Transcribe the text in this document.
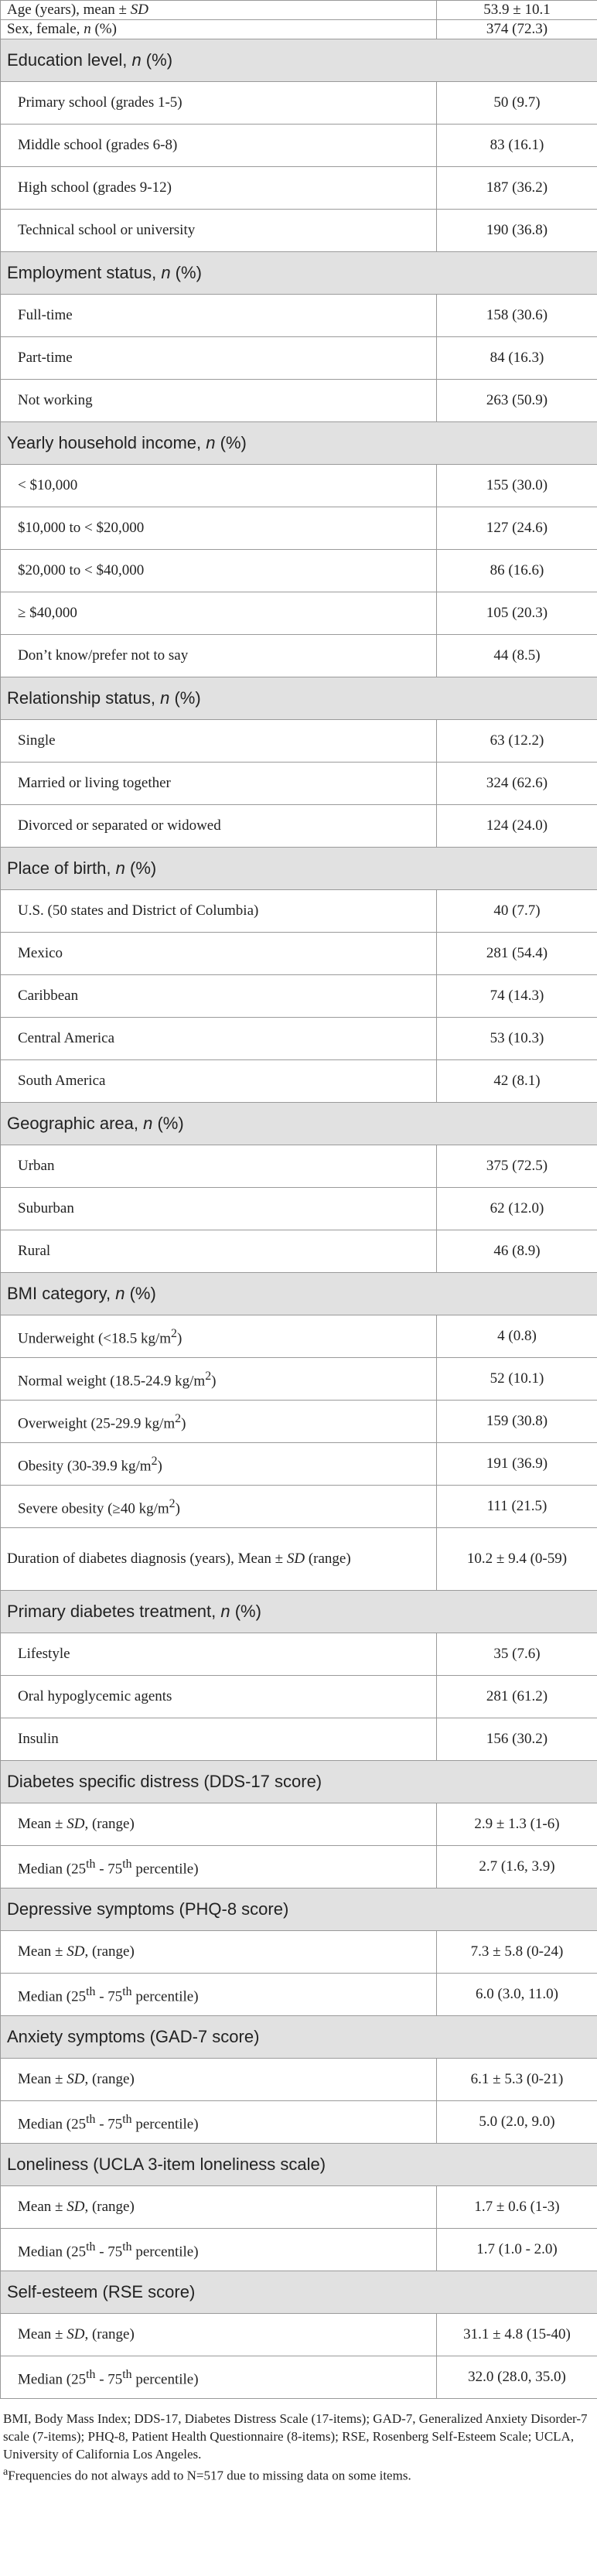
Age (years), mean ± SD	53.9 ± 10.1
Sex, female, n (%)	374 (72.3)
Education level, n (%)	
Primary school (grades 1-5)	50 (9.7)
Middle school (grades 6-8)	83 (16.1)
High school (grades 9-12)	187 (36.2)
Technical school or university	190 (36.8)
Employment status, n (%)	
Full-time	158 (30.6)
Part-time	84 (16.3)
Not working	263 (50.9)
Yearly household income, n (%)	
< $10,000	155 (30.0)
$10,000 to < $20,000	127 (24.6)
$20,000 to < $40,000	86 (16.6)
≥ $40,000	105 (20.3)
Don’t know/prefer not to say	44 (8.5)
Relationship status, n (%)	
Single	63 (12.2)
Married or living together	324 (62.6)
Divorced or separated or widowed	124 (24.0)
Place of birth, n (%)	
U.S. (50 states and District of Columbia)	40 (7.7)
Mexico	281 (54.4)
Caribbean	74 (14.3)
Central America	53 (10.3)
South America	42 (8.1)
Geographic area, n (%)	
Urban	375 (72.5)
Suburban	62 (12.0)
Rural	46 (8.9)
BMI category, n (%)	
Underweight (<18.5 $kg/m^2$)	4 (0.8)
Normal weight (18.5-24.9 $kg/m^2$)	52 (10.1)
Overweight (25-29.9 $kg/m^2$)	159 (30.8)
Obesity (30-39.9 $kg/m^2$)	191 (36.9)
Severe obesity (≥40 $kg/m^2$)	111 (21.5)
Duration of diabetes diagnosis (years), Mean ± SD (range)	10.2 ± 9.4 (0-59)
Primary diabetes treatment, n (%)	
Lifestyle	35 (7.6)
Oral hypoglycemic agents	281 (61.2)
Insulin	156 (30.2)
Diabetes specific distress (DDS-17 score)	
Mean ± SD, (range)	2.9 ± 1.3 (1-6)
Median (25th - 75th percentile)	2.7 (1.6, 3.9)
Depressive symptoms (PHQ-8 score)	
Mean ± SD, (range)	7.3 ± 5.8 (0-24)
Median (25th - 75th percentile)	6.0 (3.0, 11.0)
Anxiety symptoms (GAD-7 score)	
Mean ± SD, (range)	6.1 ± 5.3 (0-21)
Median (25th - 75th percentile)	5.0 (2.0, 9.0)
Loneliness (UCLA 3-item loneliness scale)	
Mean ± SD, (range)	1.7 ± 0.6 (1-3)
Median (25th - 75th percentile)	1.7 (1.0 - 2.0)
Self-esteem (RSE score)	
Mean ± SD, (range)	31.1 ± 4.8 (15-40)
Median (25th - 75th percentile)	32.0 (28.0, 35.0)
BMI, Body Mass Index; DDS-17, Diabetes Distress Scale (17-items); GAD-7, Generalized Anxiety Disorder-7 scale (7-items); PHQ-8, Patient Health Questionnaire (8-items); RSE, Rosenberg Self-Esteem Scale; UCLA, University of California Los Angeles.
$^a$Frequencies do not always add to N=517 due to missing data on some items.
